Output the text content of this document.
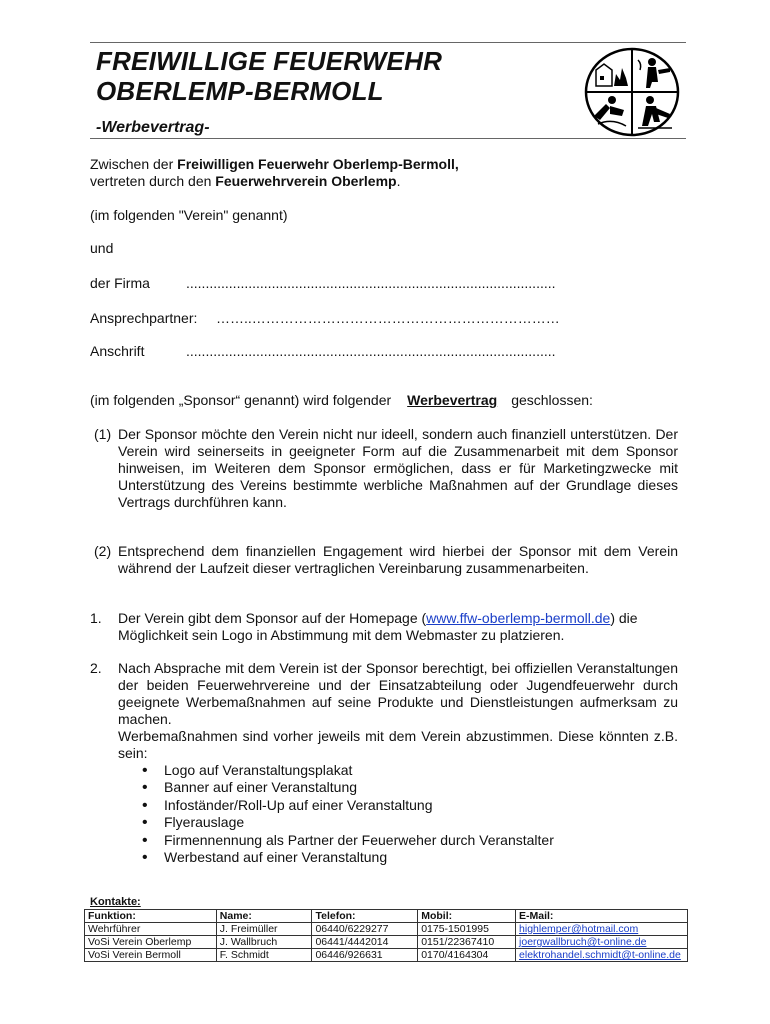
FREIWILLIGE FEUERWEHR
OBERLEMP-BERMOLL
-Werbevertrag-
Zwischen der Freiwilligen Feuerwehr Oberlemp-Bermoll,
vertreten durch den Feuerwehrverein Oberlemp.
(im folgenden "Verein" genannt)
und
der Firma	...............................................................................................
Ansprechpartner: ……..…………………………………………………………
Anschrift	...............................................................................................
(im folgenden „Sponsor“ genannt) wird folgender Werbevertrag geschlossen:
(1) Der Sponsor möchte den Verein nicht nur ideell, sondern auch finanziell unterstützen. Der Verein wird seinerseits in geeigneter Form auf die Zusammenarbeit mit dem Sponsor hinweisen, im Weiteren dem Sponsor ermöglichen, dass er für Marketingzwecke mit Unterstützung des Vereins bestimmte werbliche Maßnahmen auf der Grundlage dieses Vertrags durchführen kann.
(2) Entsprechend dem finanziellen Engagement wird hierbei der Sponsor mit dem Verein während der Laufzeit dieser vertraglichen Vereinbarung zusammenarbeiten.
1. Der Verein gibt dem Sponsor auf der Homepage (www.ffw-oberlemp-bermoll.de) die Möglichkeit sein Logo in Abstimmung mit dem Webmaster zu platzieren.
2. Nach Absprache mit dem Verein ist der Sponsor berechtigt, bei offiziellen Veranstaltungen der beiden Feuerwehrvereine und der Einsatzabteilung oder Jugendfeuerwehr durch geeignete Werbemaßnahmen auf seine Produkte und Dienstleistungen aufmerksam zu machen.
Werbemaßnahmen sind vorher jeweils mit dem Verein abzustimmen. Diese könnten z.B. sein:
• Logo auf Veranstaltungsplakat
• Banner auf einer Veranstaltung
• Infoständer/Roll-Up auf einer Veranstaltung
• Flyerauslage
• Firmennennung als Partner der Feuerweher durch Veranstalter
• Werbestand auf einer Veranstaltung
Kontakte:
Funktion:	Name:	Telefon:	Mobil:	E-Mail:
Wehrführer	J. Freimüller	06440/6229277	0175-1501995	highlemper@hotmail.com
VoSi Verein Oberlemp	J. Wallbruch	06441/4442014	0151/22367410	joergwallbruch@t-online.de
VoSi Verein Bermoll	F. Schmidt	06446/926631	0170/4164304	elektrohandel.schmidt@t-online.de
